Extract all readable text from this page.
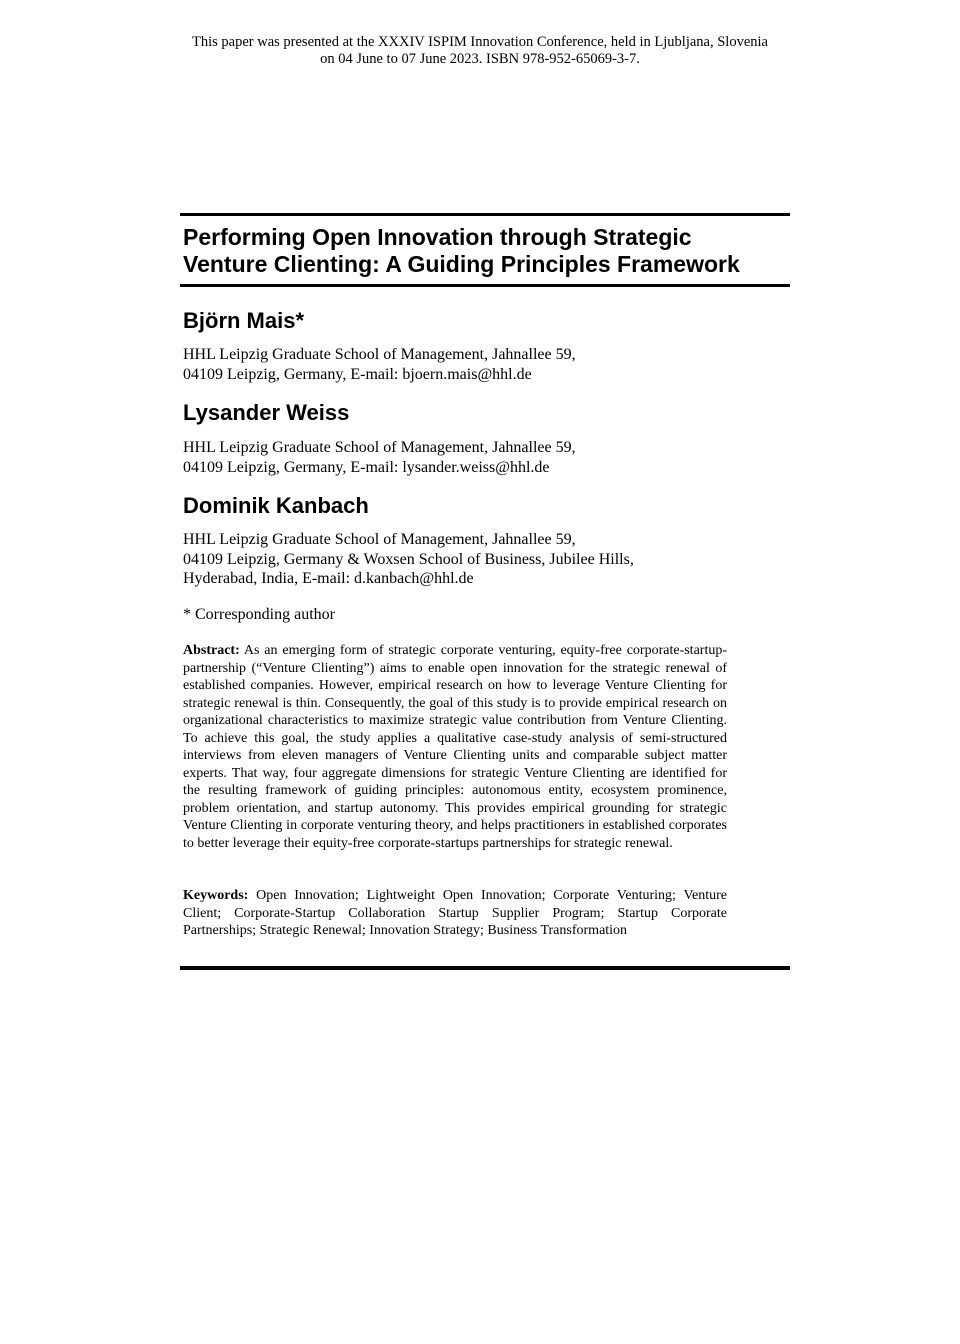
This paper was presented at the XXXIV ISPIM Innovation Conference, held in Ljubljana, Slovenia
on 04 June to 07 June 2023. ISBN 978-952-65069-3-7.
Performing Open Innovation through Strategic
Venture Clienting: A Guiding Principles Framework
Björn Mais*

HHL Leipzig Graduate School of Management, Jahnallee 59,
04109 Leipzig, Germany, E-mail: bjoern.mais@hhl.de

Lysander Weiss

HHL Leipzig Graduate School of Management, Jahnallee 59,
04109 Leipzig, Germany, E-mail: lysander.weiss@hhl.de

Dominik Kanbach

HHL Leipzig Graduate School of Management, Jahnallee 59,
04109 Leipzig, Germany & Woxsen School of Business, Jubilee Hills,
Hyderabad, India, E-mail: d.kanbach@hhl.de

* Corresponding author

Abstract: As an emerging form of strategic corporate venturing, equity-free corporate-startup-partnership (“Venture Clienting”) aims to enable open innovation for the strategic renewal of established companies. However, empirical research on how to leverage Venture Clienting for strategic renewal is thin. Consequently, the goal of this study is to provide empirical research on organizational characteristics to maximize strategic value contribution from Venture Clienting. To achieve this goal, the study applies a qualitative case-study analysis of semi-structured interviews from eleven managers of Venture Clienting units and comparable subject matter experts. That way, four aggregate dimensions for strategic Venture Clienting are identified for the resulting framework of guiding principles: autonomous entity, ecosystem prominence, problem orientation, and startup autonomy. This provides empirical grounding for strategic Venture Clienting in corporate venturing theory, and helps practitioners in established corporates to better leverage their equity-free corporate-startups partnerships for strategic renewal.

Keywords: Open Innovation; Lightweight Open Innovation; Corporate Venturing; Venture Client; Corporate-Startup Collaboration Startup Supplier Program; Startup Corporate Partnerships; Strategic Renewal; Innovation Strategy; Business Transformation
